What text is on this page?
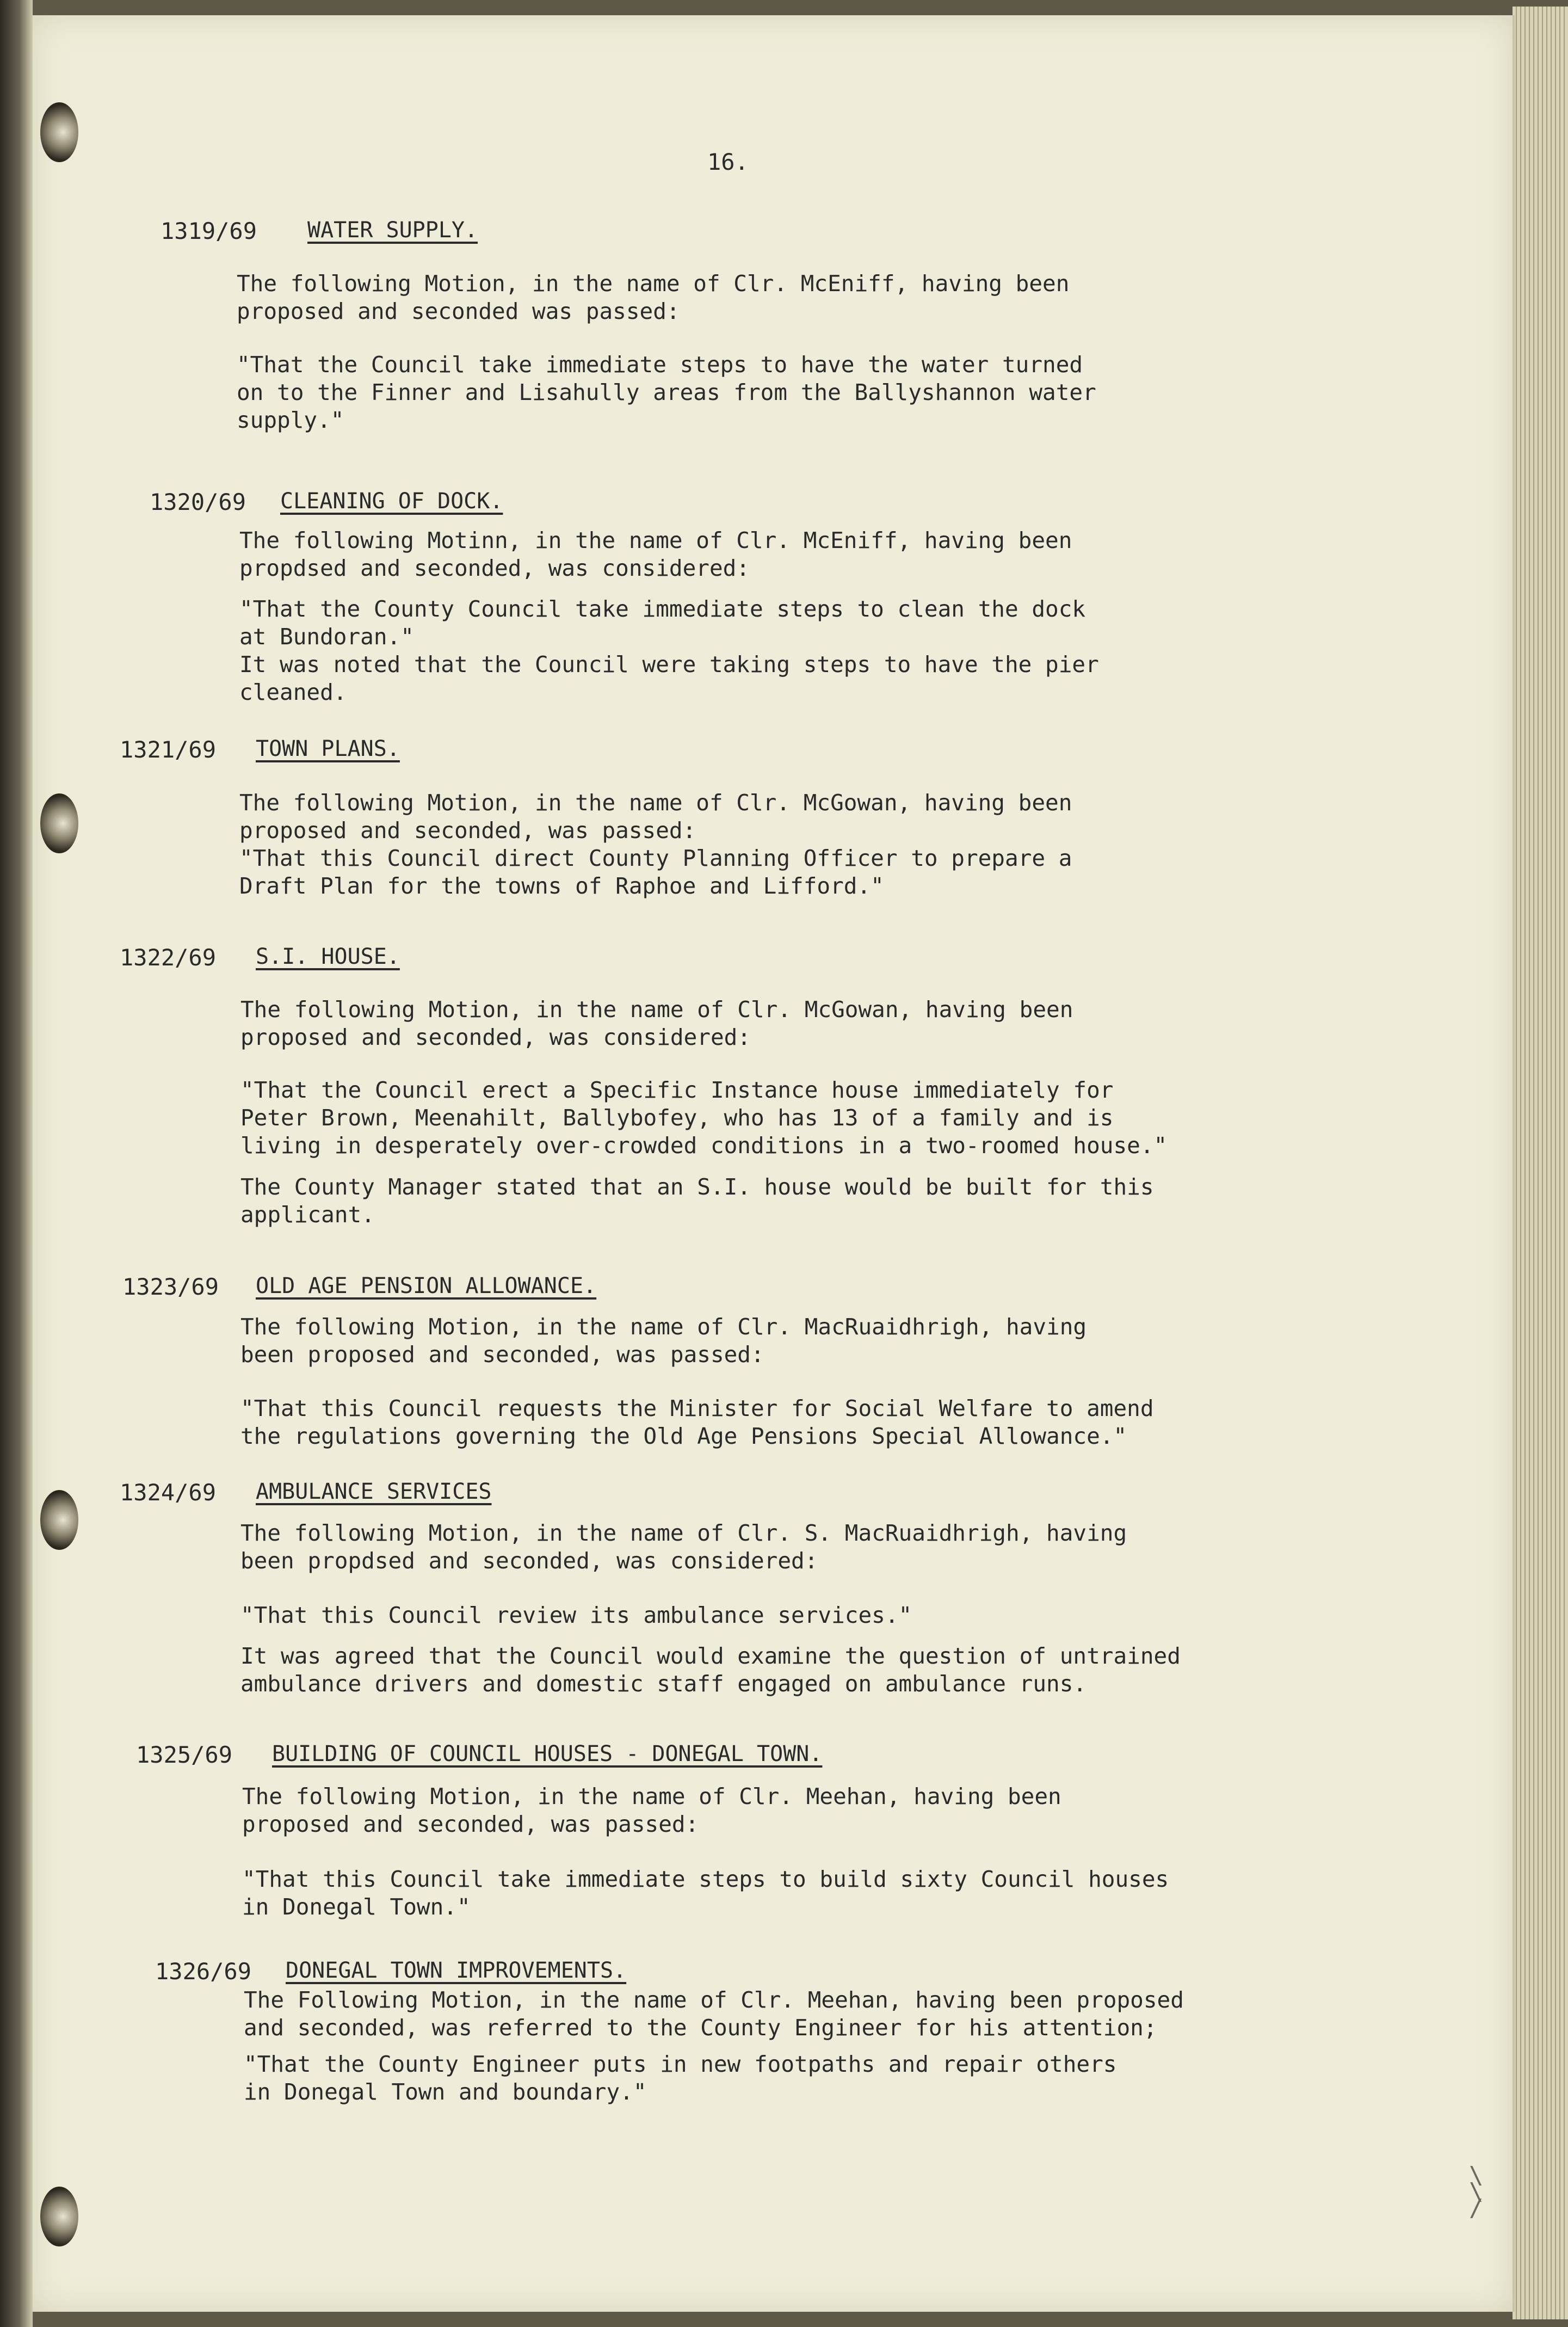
16.
1319/69 WATER SUPPLY.
The following Motion, in the name of Clr. McEniff, having been
proposed and seconded was passed:
"That the Council take immediate steps to have the water turned
on to the Finner and Lisahully areas from the Ballyshannon water
supply."
1320/69 CLEANING OF DOCK.
The following Motinn, in the name of Clr. McEniff, having been
propdsed and seconded, was considered:
"That the County Council take immediate steps to clean the dock
at Bundoran."
It was noted that the Council were taking steps to have the pier
cleaned.
1321/69 TOWN PLANS.
The following Motion, in the name of Clr. McGowan, having been
proposed and seconded, was passed:
"That this Council direct County Planning Officer to prepare a
Draft Plan for the towns of Raphoe and Lifford."
1322/69 S.I. HOUSE.
The following Motion, in the name of Clr. McGowan, having been
proposed and seconded, was considered:
"That the Council erect a Specific Instance house immediately for
Peter Brown, Meenahilt, Ballybofey, who has 13 of a family and is
living in desperately over-crowded conditions in a two-roomed house."
The County Manager stated that an S.I. house would be built for this
applicant.
1323/69 OLD AGE PENSION ALLOWANCE.
The following Motion, in the name of Clr. MacRuaidhrigh, having
been proposed and seconded, was passed:
"That this Council requests the Minister for Social Welfare to amend
the regulations governing the Old Age Pensions Special Allowance."
1324/69 AMBULANCE SERVICES
The following Motion, in the name of Clr. S. MacRuaidhrigh, having
been propdsed and seconded, was considered:
"That this Council review its ambulance services."
It was agreed that the Council would examine the question of untrained
ambulance drivers and domestic staff engaged on ambulance runs.
1325/69 BUILDING OF COUNCIL HOUSES - DONEGAL TOWN.
The following Motion, in the name of Clr. Meehan, having been
proposed and seconded, was passed:
"That this Council take immediate steps to build sixty Council houses
in Donegal Town."
1326/69 DONEGAL TOWN IMPROVEMENTS.
The Following Motion, in the name of Clr. Meehan, having been proposed
and seconded, was referred to the County Engineer for his attention;
"That the County Engineer puts in new footpaths and repair others
in Donegal Town and boundary."
\
\
/
